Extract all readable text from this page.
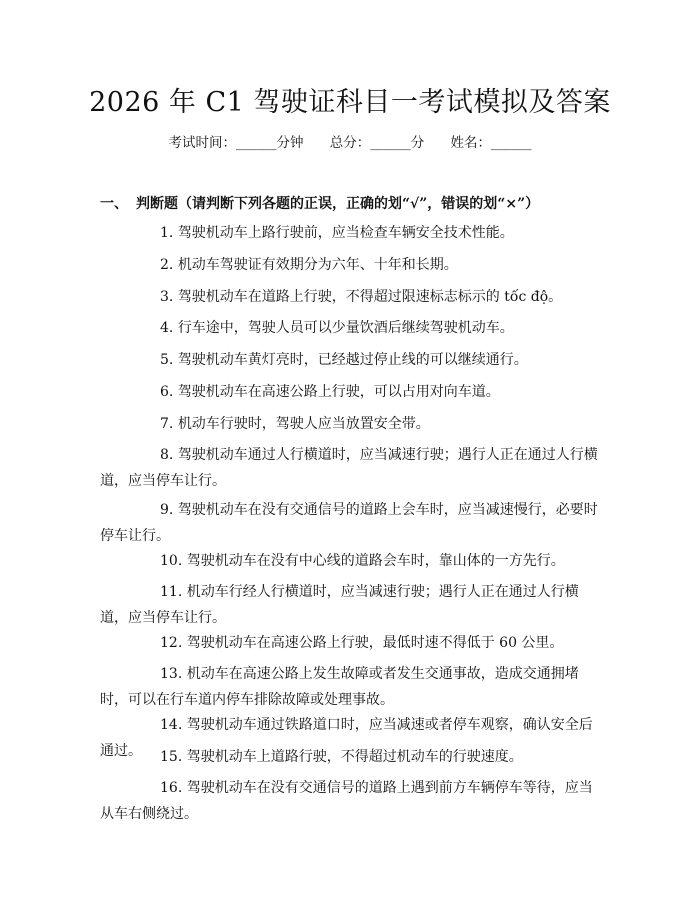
2026 年 C1 驾驶证科目一考试模拟及答案
考试时间：______分钟 总分：______分 姓名：______
一、 判断题（请判断下列各题的正误，正确的划“√”，错误的划“×”）

1. 驾驶机动车上路行驶前，应当检查车辆安全技术性能。

2. 机动车驾驶证有效期分为六年、十年和长期。

3. 驾驶机动车在道路上行驶，不得超过限速标志标示的 tốc độ。

4. 行车途中，驾驶人员可以少量饮酒后继续驾驶机动车。

5. 驾驶机动车黄灯亮时，已经越过停止线的可以继续通行。

6. 驾驶机动车在高速公路上行驶，可以占用对向车道。

7. 机动车行驶时，驾驶人应当放置安全带。

8. 驾驶机动车通过人行横道时，应当减速行驶；遇行人正在通过人行横道，应当停车让行。

9. 驾驶机动车在没有交通信号的道路上会车时，应当减速慢行，必要时停车让行。

10. 驾驶机动车在没有中心线的道路会车时，靠山体的一方先行。

11. 机动车行经人行横道时，应当减速行驶；遇行人正在通过人行横道，应当停车让行。

12. 驾驶机动车在高速公路上行驶，最低时速不得低于 60 公里。

13. 机动车在高速公路上发生故障或者发生交通事故，造成交通拥堵时，可以在行车道内停车排除故障或处理事故。

14. 驾驶机动车通过铁路道口时，应当减速或者停车观察，确认安全后通过。	15. 驾驶机动车上道路行驶，不得超过机动车的行驶速度。

16. 驾驶机动车在没有交通信号的道路上遇到前方车辆停车等待，应当从车右侧绕过。
